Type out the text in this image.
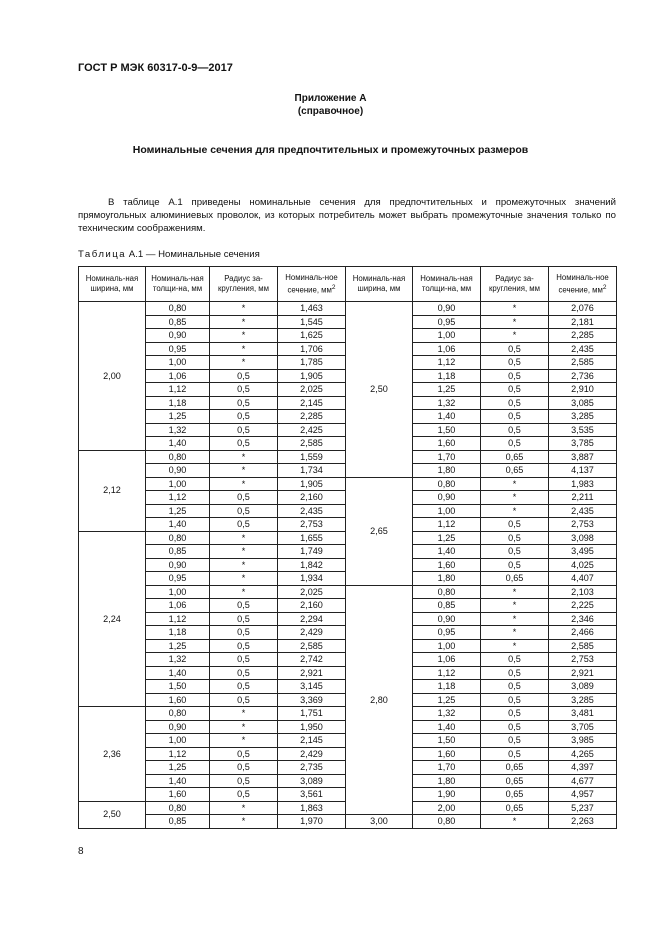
ГОСТ Р МЭК 60317-0-9—2017
Приложение А
(справочное)
Номинальные сечения для предпочтительных и промежуточных размеров
В таблице А.1 приведены номинальные сечения для предпочтительных и промежуточных значений прямоугольных алюминиевых проволок, из которых потребитель может выбрать промежуточные значения только по техническим соображениям.
Таблица А.1 — Номинальные сечения
Номиналь-ная ширина, мм	Номиналь-ная толщи-на, мм	Радиус за-кругления, мм	Номиналь-ное сечение, $мм^2$	Номиналь-ная ширина, мм	Номиналь-ная толщи-на, мм	Радиус за-кругления, мм	Номиналь-ное сечение, $мм^2$
2,00	0,80	*	1,463	2,50	0,90	*	2,076
	0,85	*	1,545		0,95	*	2,181
	0,90	*	1,625		1,00	*	2,285
	0,95	*	1,706		1,06	0,5	2,435
	1,00	*	1,785		1,12	0,5	2,585
	1,06	0,5	1,905		1,18	0,5	2,736
	1,12	0,5	2,025		1,25	0,5	2,910
	1,18	0,5	2,145		1,32	0,5	3,085
	1,25	0,5	2,285		1,40	0,5	3,285
	1,32	0,5	2,425		1,50	0,5	3,535
	1,40	0,5	2,585		1,60	0,5	3,785
2,12	0,80	*	1,559		1,70	0,65	3,887
	0,90	*	1,734		1,80	0,65	4,137
	1,00	*	1,905	2,65	0,80	*	1,983
	1,12	0,5	2,160		0,90	*	2,211
	1,25	0,5	2,435		1,00	*	2,435
	1,40	0,5	2,753		1,12	0,5	2,753
2,24	0,80	*	1,655		1,25	0,5	3,098
	0,85	*	1,749		1,40	0,5	3,495
	0,90	*	1,842		1,60	0,5	4,025
	0,95	*	1,934		1,80	0,65	4,407
	1,00	*	2,025	2,80	0,80	*	2,103
	1,06	0,5	2,160		0,85	*	2,225
	1,12	0,5	2,294		0,90	*	2,346
	1,18	0,5	2,429		0,95	*	2,466
	1,25	0,5	2,585		1,00	*	2,585
	1,32	0,5	2,742		1,06	0,5	2,753
	1,40	0,5	2,921		1,12	0,5	2,921
	1,50	0,5	3,145		1,18	0,5	3,089
	1,60	0,5	3,369		1,25	0,5	3,285
2,36	0,80	*	1,751		1,32	0,5	3,481
	0,90	*	1,950		1,40	0,5	3,705
	1,00	*	2,145		1,50	0,5	3,985
	1,12	0,5	2,429		1,60	0,5	4,265
	1,25	0,5	2,735		1,70	0,65	4,397
	1,40	0,5	3,089		1,80	0,65	4,677
	1,60	0,5	3,561		1,90	0,65	4,957
2,50	0,80	*	1,863		2,00	0,65	5,237
	0,85	*	1,970	3,00	0,80	*	2,263
8
